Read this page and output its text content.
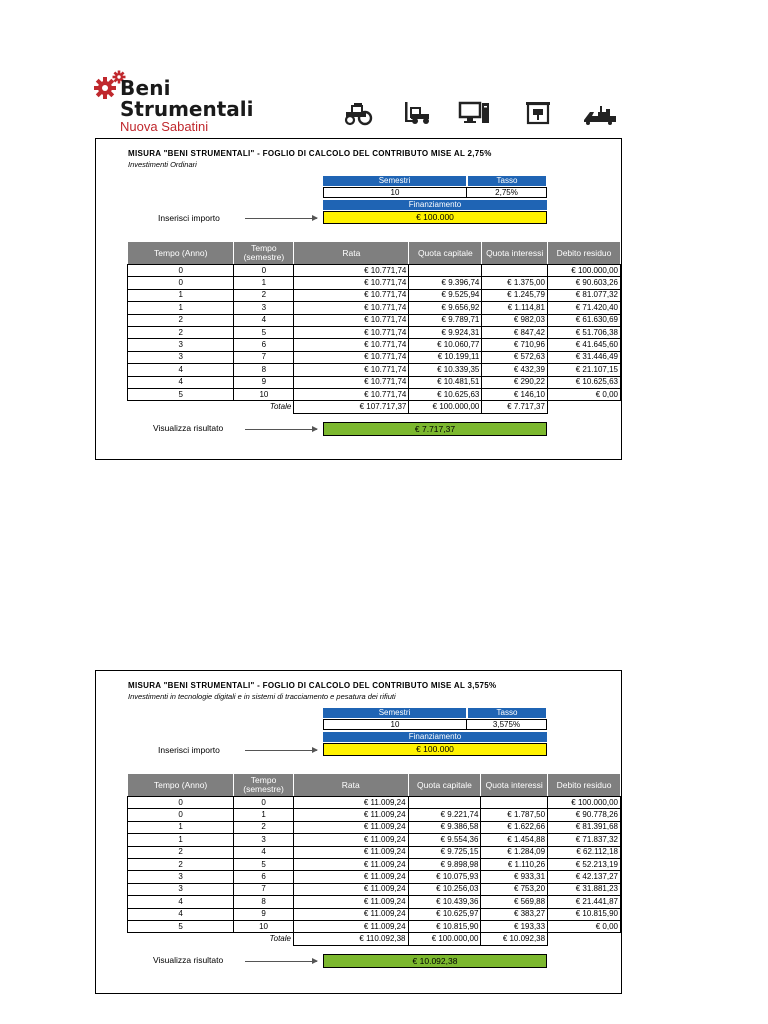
Beni
Strumentali
Nuova Sabatini
MISURA "BENI STRUMENTALI" - FOGLIO DI CALCOLO DEL CONTRIBUTO MISE AL 2,75%
Investimenti Ordinari
Semestri	Tasso
10	2,75%
Finanziamento
€ 100.000
Inserisci importo
Tempo (Anno)	Tempo
(semestre)	Rata	Quota capitale	Quota interessi	Debito residuo
0	0	€ 10.771,74			€ 100.000,00
0	1	€ 10.771,74	€ 9.396,74	€ 1.375,00	€ 90.603,26
1	2	€ 10.771,74	€ 9.525,94	€ 1.245,79	€ 81.077,32
1	3	€ 10.771,74	€ 9.656,92	€ 1.114,81	€ 71.420,40
2	4	€ 10.771,74	€ 9.789,71	€ 982,03	€ 61.630,69
2	5	€ 10.771,74	€ 9.924,31	€ 847,42	€ 51.706,38
3	6	€ 10.771,74	€ 10.060,77	€ 710,96	€ 41.645,60
3	7	€ 10.771,74	€ 10.199,11	€ 572,63	€ 31.446,49
4	8	€ 10.771,74	€ 10.339,35	€ 432,39	€ 21.107,15
4	9	€ 10.771,74	€ 10.481,51	€ 290,22	€ 10.625,63
5	10	€ 10.771,74	€ 10.625,63	€ 146,10	€ 0,00
	Totale	€ 107.717,37	€ 100.000,00	€ 7.717,37	
€ 7.717,37
Visualizza risultato
MISURA "BENI STRUMENTALI" - FOGLIO DI CALCOLO DEL CONTRIBUTO MISE AL 3,575%
Investimenti in tecnologie digitali e in sistemi di tracciamento e pesatura dei rifiuti
Semestri	Tasso
10	3,575%
Finanziamento
€ 100.000
Inserisci importo
Tempo (Anno)	Tempo
(semestre)	Rata	Quota capitale	Quota interessi	Debito residuo
0	0	€ 11.009,24			€ 100.000,00
0	1	€ 11.009,24	€ 9.221,74	€ 1.787,50	€ 90.778,26
1	2	€ 11.009,24	€ 9.386,58	€ 1.622,66	€ 81.391,68
1	3	€ 11.009,24	€ 9.554,36	€ 1.454,88	€ 71.837,32
2	4	€ 11.009,24	€ 9.725,15	€ 1.284,09	€ 62.112,18
2	5	€ 11.009,24	€ 9.898,98	€ 1.110,26	€ 52.213,19
3	6	€ 11.009,24	€ 10.075,93	€ 933,31	€ 42.137,27
3	7	€ 11.009,24	€ 10.256,03	€ 753,20	€ 31.881,23
4	8	€ 11.009,24	€ 10.439,36	€ 569,88	€ 21.441,87
4	9	€ 11.009,24	€ 10.625,97	€ 383,27	€ 10.815,90
5	10	€ 11.009,24	€ 10.815,90	€ 193,33	€ 0,00
	Totale	€ 110.092,38	€ 100.000,00	€ 10.092,38	
€ 10.092,38
Visualizza risultato
